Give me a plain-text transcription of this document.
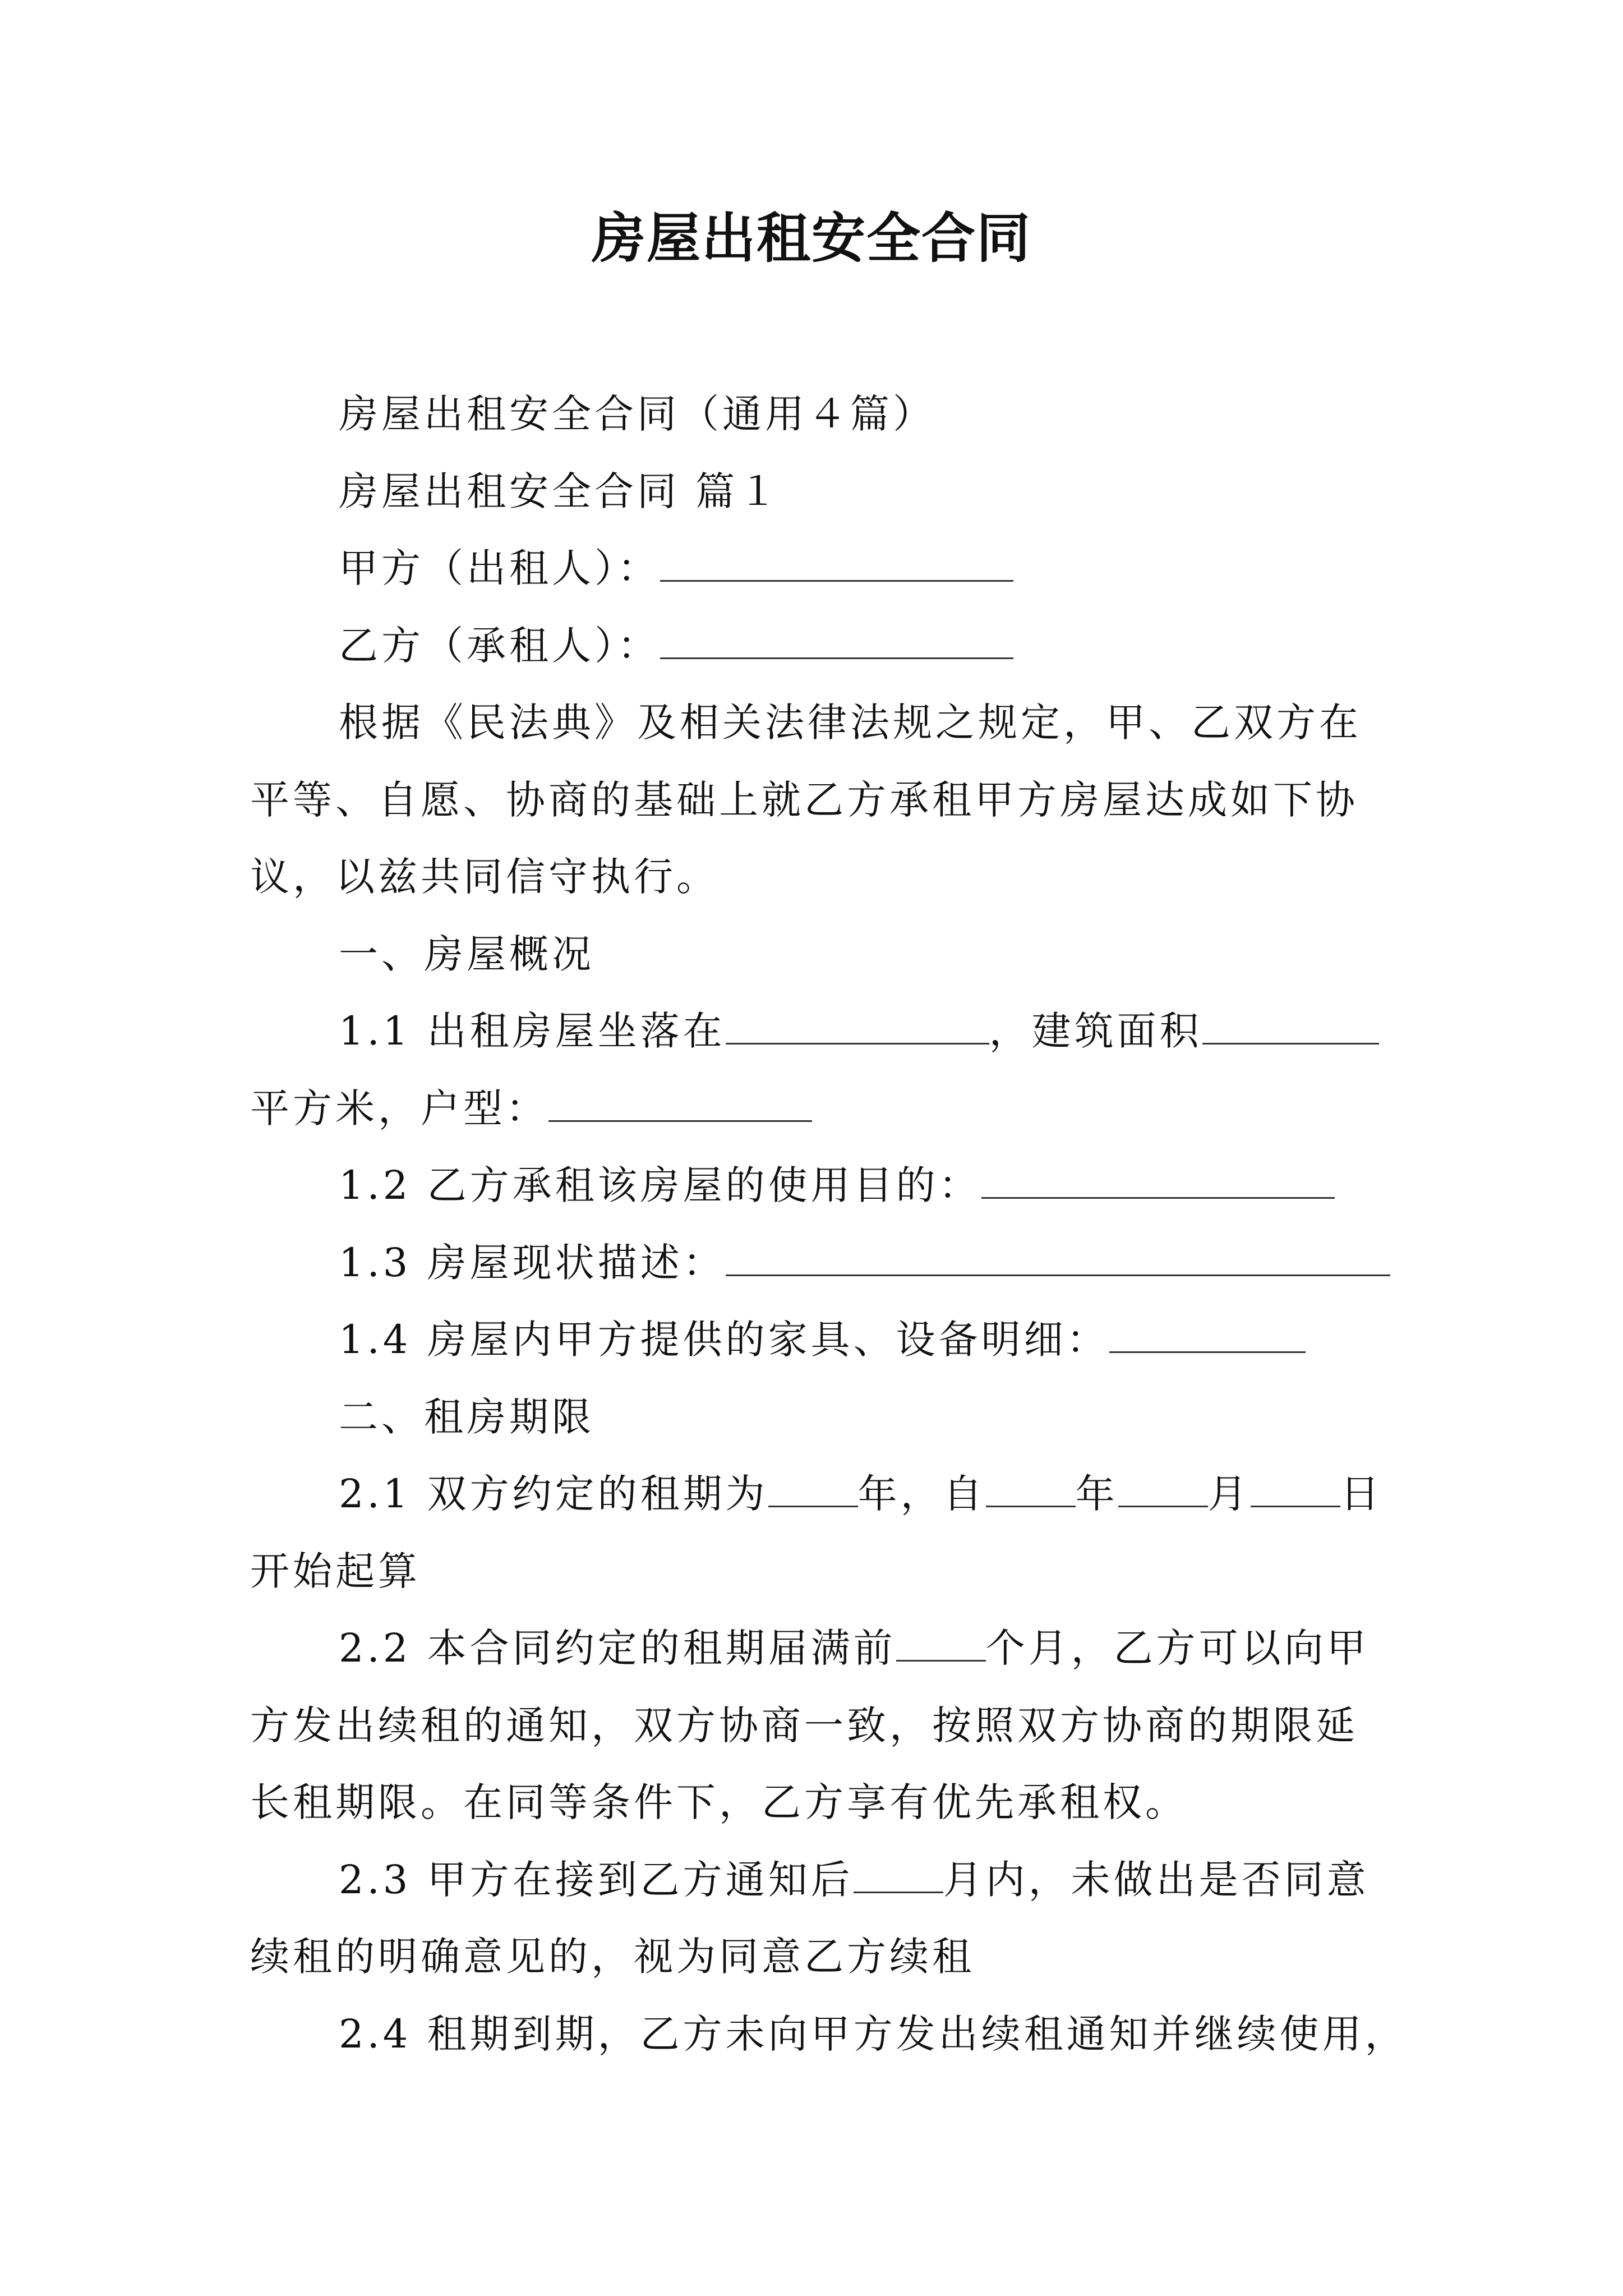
房屋出租安全合同
房屋出租安全合同（通用４篇）
房屋出租安全合同 篇１
甲方（出租人）：
乙方（承租人）：
根据《民法典》及相关法律法规之规定，甲、乙双方在
平等、自愿、协商的基础上就乙方承租甲方房屋达成如下协
议，以兹共同信守执行。
一、房屋概况
1.1 出租房屋坐落在	，建筑面积
平方米，户型：
1.2 乙方承租该房屋的使用目的：
1.3 房屋现状描述：
1.4 房屋内甲方提供的家具、设备明细：
二、租房期限
2.1 双方约定的租期为 年，自 年 月 日
开始起算
2.2 本合同约定的租期届满前 个月，乙方可以向甲
方发出续租的通知，双方协商一致，按照双方协商的期限延
长租期限。在同等条件下，乙方享有优先承租权。
2.3 甲方在接到乙方通知后 月内，未做出是否同意
续租的明确意见的，视为同意乙方续租
2.4 租期到期，乙方未向甲方发出续租通知并继续使用，
